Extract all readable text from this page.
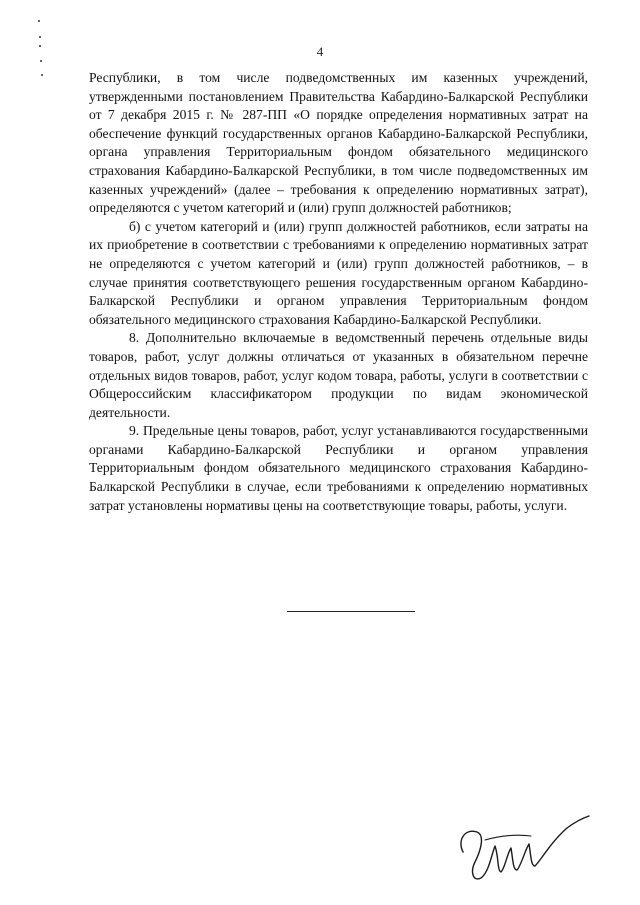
4

Республики, в том числе подведомственных им казенных учреждений, утвержденными постановлением Правительства Кабардино-Балкарской Республики от 7 декабря 2015 г. № 287-ПП «О порядке определения нормативных затрат на обеспечение функций государственных органов Кабардино-Балкарской Республики, органа управления Территориальным фондом обязательного медицинского страхования Кабардино-Балкарской Республики, в том числе подведомственных им казенных учреждений» (далее – требования к определению нормативных затрат), определяются с учетом категорий и (или) групп должностей работников;

б) с учетом категорий и (или) групп должностей работников, если затраты на их приобретение в соответствии с требованиями к определению нормативных затрат не определяются с учетом категорий и (или) групп должностей работников, – в случае принятия соответствующего решения государственным органом Кабардино-Балкарской Республики и органом управления Территориальным фондом обязательного медицинского страхования Кабардино-Балкарской Республики.

8. Дополнительно включаемые в ведомственный перечень отдельные виды товаров, работ, услуг должны отличаться от указанных в обязательном перечне отдельных видов товаров, работ, услуг кодом товара, работы, услуги в соответствии с Общероссийским классификатором продукции по видам экономической деятельности.

9. Предельные цены товаров, работ, услуг устанавливаются государственными органами Кабардино-Балкарской Республики и органом управления Территориальным фондом обязательного медицинского страхования Кабардино-Балкарской Республики в случае, если требованиями к определению нормативных затрат установлены нормативы цены на соответствующие товары, работы, услуги.
